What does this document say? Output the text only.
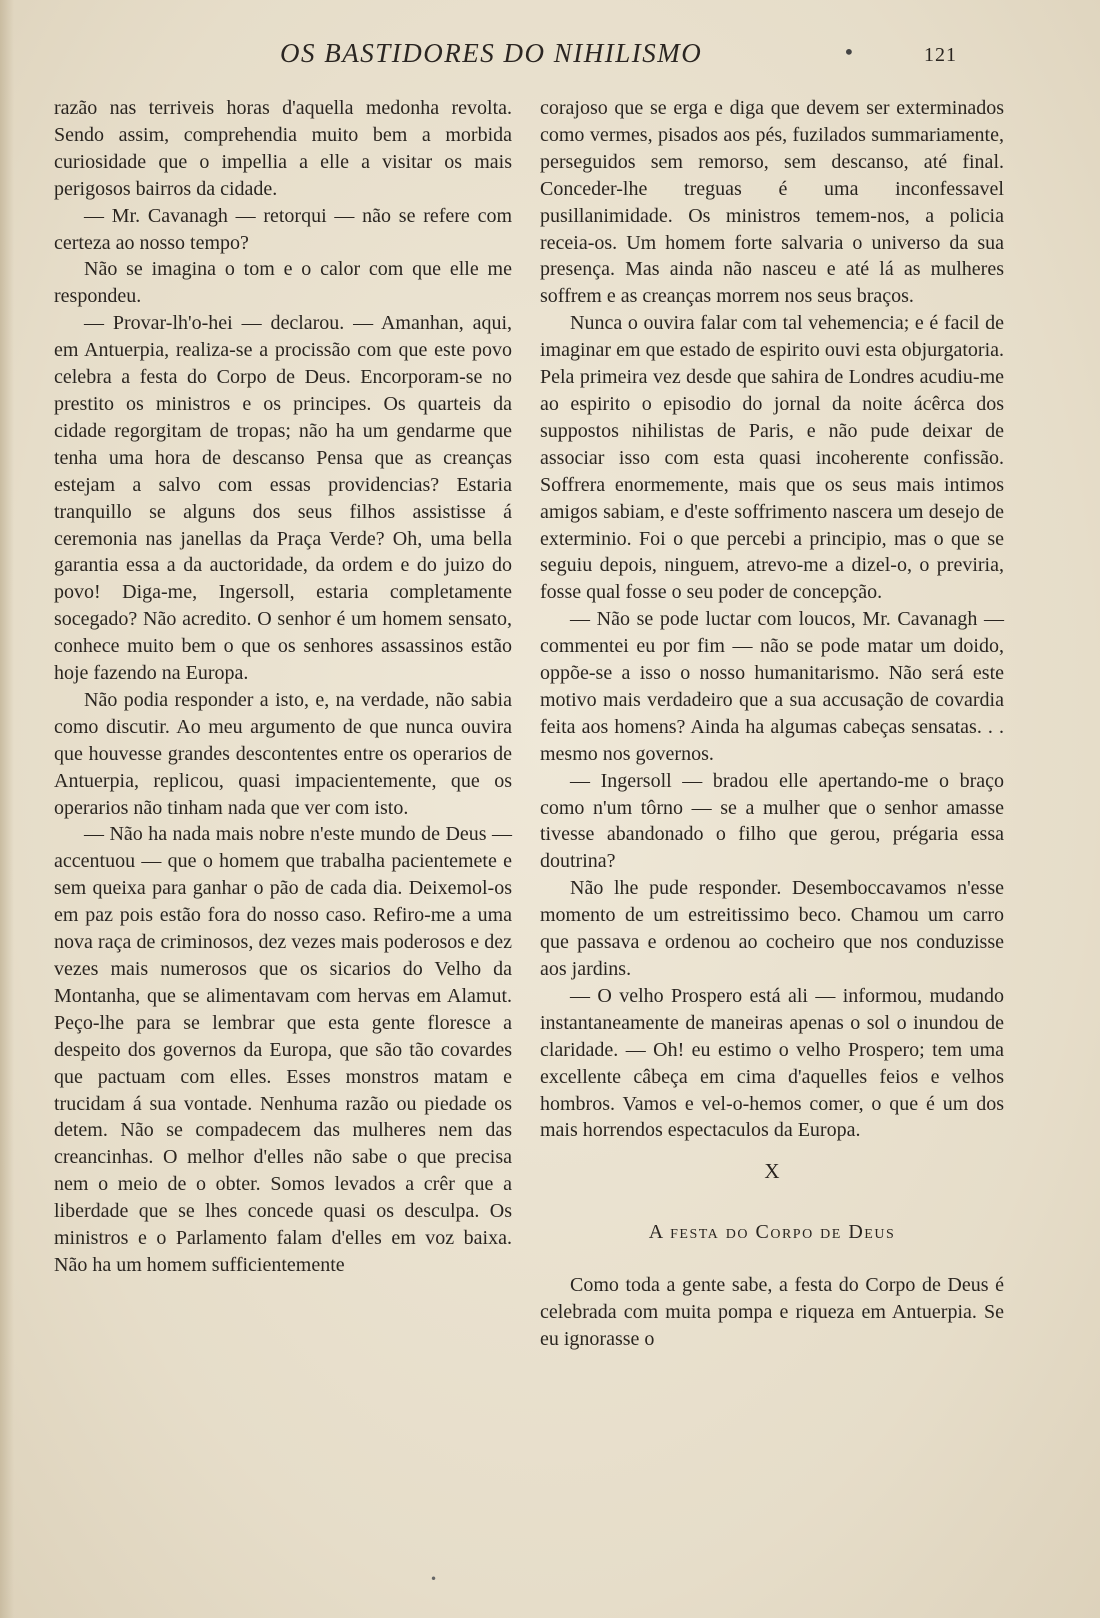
OS BASTIDORES DO NIHILISMO	•	121

razão nas terriveis horas d'aquella medonha revolta. Sendo assim, comprehendia muito bem a morbida curiosidade que o impellia a elle a visitar os mais perigosos bairros da cidade.

— Mr. Cavanagh — retorqui — não se refere com certeza ao nosso tempo?

Não se imagina o tom e o calor com que elle me respondeu.

— Provar-lh'o-hei — declarou. — Amanhan, aqui, em Antuerpia, realiza-se a procissão com que este povo celebra a festa do Corpo de Deus. Encorporam-se no prestito os ministros e os principes. Os quarteis da cidade regorgitam de tropas; não ha um gendarme que tenha uma hora de descanso Pensa que as creanças estejam a salvo com essas providencias? Estaria tranquillo se alguns dos seus filhos assistisse á ceremonia nas janellas da Praça Verde? Oh, uma bella garantia essa a da auctoridade, da ordem e do juizo do povo! Diga-me, Ingersoll, estaria completamente socegado? Não acredito. O senhor é um homem sensato, conhece muito bem o que os senhores assassinos estão hoje fazendo na Europa.

Não podia responder a isto, e, na verdade, não sabia como discutir. Ao meu argumento de que nunca ouvira que houvesse grandes descontentes entre os operarios de Antuerpia, replicou, quasi impacientemente, que os operarios não tinham nada que ver com isto.

— Não ha nada mais nobre n'este mundo de Deus — accentuou — que o homem que trabalha pacientemete e sem queixa para ganhar o pão de cada dia. Deixemol-os em paz pois estão fora do nosso caso. Refiro-me a uma nova raça de criminosos, dez vezes mais poderosos e dez vezes mais numerosos que os sicarios do Velho da Montanha, que se alimentavam com hervas em Alamut. Peço-lhe para se lembrar que esta gente floresce a despeito dos governos da Europa, que são tão covardes que pactuam com elles. Esses monstros matam e trucidam á sua vontade. Nenhuma razão ou piedade os detem. Não se compadecem das mulheres nem das creancinhas. O melhor d'elles não sabe o que precisa nem o meio de o obter. Somos levados a crêr que a liberdade que se lhes concede quasi os desculpa. Os ministros e o Parlamento falam d'elles em voz baixa. Não ha um homem sufficientemente

corajoso que se erga e diga que devem ser exterminados como vermes, pisados aos pés, fuzilados summariamente, perseguidos sem remorso, sem descanso, até final. Conceder-lhe treguas é uma inconfessavel pusillanimidade. Os ministros temem-nos, a policia receia-os. Um homem forte salvaria o universo da sua presença. Mas ainda não nasceu e até lá as mulheres soffrem e as creanças morrem nos seus braços.

Nunca o ouvira falar com tal vehemencia; e é facil de imaginar em que estado de espirito ouvi esta objurgatoria. Pela primeira vez desde que sahira de Londres acudiu-me ao espirito o episodio do jornal da noite ácêrca dos suppostos nihilistas de Paris, e não pude deixar de associar isso com esta quasi incoherente confissão. Soffrera enormemente, mais que os seus mais intimos amigos sabiam, e d'este soffrimento nascera um desejo de exterminio. Foi o que percebi a principio, mas o que se seguiu depois, ninguem, atrevo-me a dizel-o, o previria, fosse qual fosse o seu poder de concepção.

— Não se pode luctar com loucos, Mr. Cavanagh — commentei eu por fim — não se pode matar um doido, oppõe-se a isso o nosso humanitarismo. Não será este motivo mais verdadeiro que a sua accusação de covardia feita aos homens? Ainda ha algumas cabeças sensatas. . . mesmo nos governos.

— Ingersoll — bradou elle apertando-me o braço como n'um tôrno — se a mulher que o senhor amasse tivesse abandonado o filho que gerou, prégaria essa doutrina?

Não lhe pude responder. Desemboccavamos n'esse momento de um estreitissimo beco. Chamou um carro que passava e ordenou ao cocheiro que nos conduzisse aos jardins.

— O velho Prospero está ali — informou, mudando instantaneamente de maneiras apenas o sol o inundou de claridade. — Oh! eu estimo o velho Prospero; tem uma excellente câbeça em cima d'aquelles feios e velhos hombros. Vamos e vel-o-hemos comer, o que é um dos mais horrendos espectaculos da Europa.

X
A festa do Corpo de Deus

Como toda a gente sabe, a festa do Corpo de Deus é celebrada com muita pompa e riqueza em Antuerpia. Se eu ignorasse o

•
